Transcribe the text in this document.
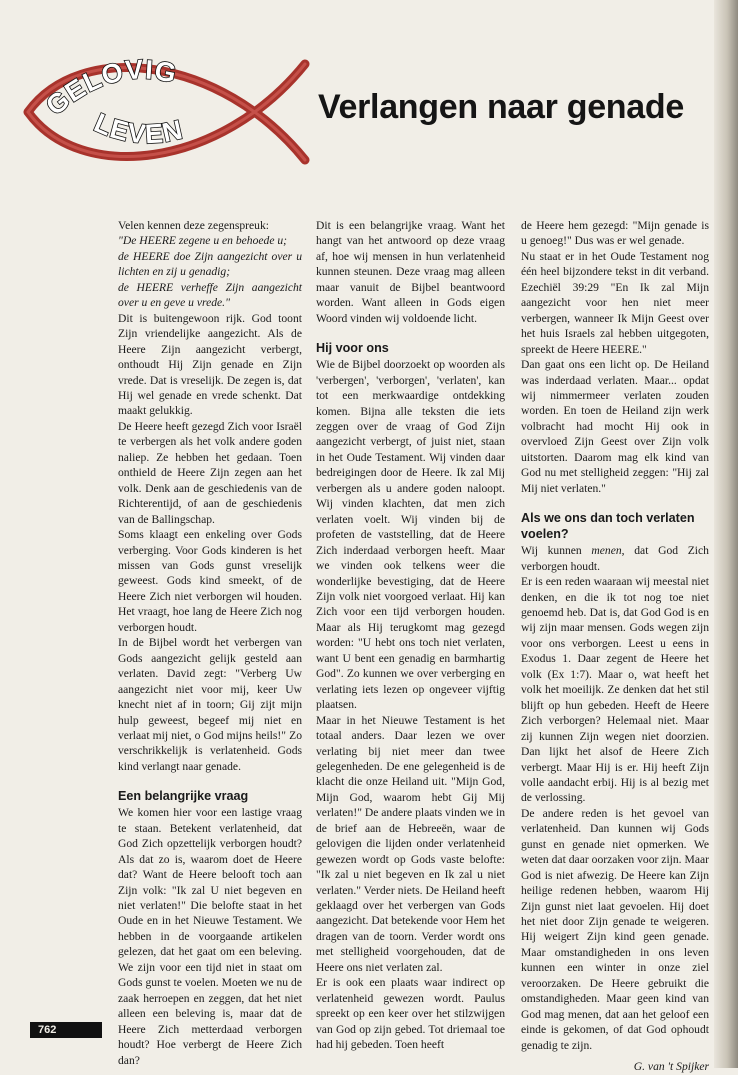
GELOVIG
LEVEN
Verlangen naar genade

Velen kennen deze zegenspreuk:

"De HEERE zegene u en behoede u;

de HEERE doe Zijn aangezicht over u lichten en zij u genadig;

de HEERE verheffe Zijn aangezicht over u en geve u vrede."

Dit is buitengewoon rijk. God toont Zijn vriendelijke aangezicht. Als de Heere Zijn aangezicht verbergt, onthoudt Hij Zijn genade en Zijn vrede. Dat is vreselijk. De zegen is, dat Hij wel genade en vrede schenkt. Dat maakt gelukkig.

De Heere heeft gezegd Zich voor Israël te verbergen als het volk andere goden naliep. Ze hebben het gedaan. Toen onthield de Heere Zijn zegen aan het volk. Denk aan de geschiedenis van de Richterentijd, of aan de geschiedenis van de Ballingschap.

Soms klaagt een enkeling over Gods verberging. Voor Gods kinderen is het missen van Gods gunst vreselijk geweest. Gods kind smeekt, of de Heere Zich niet verborgen wil houden. Het vraagt, hoe lang de Heere Zich nog verborgen houdt.

In de Bijbel wordt het verbergen van Gods aangezicht gelijk gesteld aan verlaten. David zegt: "Verberg Uw aangezicht niet voor mij, keer Uw knecht niet af in toorn; Gij zijt mijn hulp geweest, begeef mij niet en verlaat mij niet, o God mijns heils!" Zo verschrikkelijk is verlatenheid. Gods kind verlangt naar genade.

Een belangrijke vraag

We komen hier voor een lastige vraag te staan. Betekent verlatenheid, dat God Zich opzettelijk verborgen houdt? Als dat zo is, waarom doet de Heere dat? Want de Heere belooft toch aan Zijn volk: "Ik zal U niet begeven en niet verlaten!" Die belofte staat in het Oude en in het Nieuwe Testament. We hebben in de voorgaande artikelen gelezen, dat het gaat om een beleving. We zijn voor een tijd niet in staat om Gods gunst te voelen. Moeten we nu de zaak herroepen en zeggen, dat het niet alleen een beleving is, maar dat de Heere Zich metterdaad verborgen houdt? Hoe verbergt de Heere Zich dan?

Dit is een belangrijke vraag. Want het hangt van het antwoord op deze vraag af, hoe wij mensen in hun verlatenheid kunnen steunen. Deze vraag mag alleen maar vanuit de Bijbel beantwoord worden. Want alleen in Gods eigen Woord vinden wij voldoende licht.

Hij voor ons

Wie de Bijbel doorzoekt op woorden als 'verbergen', 'verborgen', 'verlaten', kan tot een merkwaardige ontdekking komen. Bijna alle teksten die iets zeggen over de vraag of God Zijn aangezicht verbergt, of juist niet, staan in het Oude Testament. Wij vinden daar bedreigingen door de Heere. Ik zal Mij verbergen als u andere goden naloopt. Wij vinden klachten, dat men zich verlaten voelt. Wij vinden bij de profeten de vaststelling, dat de Heere Zich inderdaad verborgen heeft. Maar we vinden ook telkens weer die wonderlijke bevestiging, dat de Heere Zijn volk niet voorgoed verlaat. Hij kan Zich voor een tijd verborgen houden. Maar als Hij terugkomt mag gezegd worden: "U hebt ons toch niet verlaten, want U bent een genadig en barmhartig God". Zo kunnen we over verberging en verlating iets lezen op ongeveer vijftig plaatsen.

Maar in het Nieuwe Testament is het totaal anders. Daar lezen we over verlating bij niet meer dan twee gelegenheden. De ene gelegenheid is de klacht die onze Heiland uit. "Mijn God, Mijn God, waarom hebt Gij Mij verlaten!" De andere plaats vinden we in de brief aan de Hebreeën, waar de gelovigen die lijden onder verlatenheid gewezen wordt op Gods vaste belofte: "Ik zal u niet begeven en Ik zal u niet verlaten." Verder niets. De Heiland heeft geklaagd over het verbergen van Gods aangezicht. Dat betekende voor Hem het dragen van de toorn. Verder wordt ons met stelligheid voorgehouden, dat de Heere ons niet verlaten zal.

Er is ook een plaats waar indirect op verlatenheid gewezen wordt. Paulus spreekt op een keer over het stilzwijgen van God op zijn gebed. Tot driemaal toe had hij gebeden. Toen heeft

de Heere hem gezegd: "Mijn genade is u genoeg!" Dus was er wel genade.

Nu staat er in het Oude Testament nog één heel bijzondere tekst in dit verband. Ezechiël 39:29 "En Ik zal Mijn aangezicht voor hen niet meer verbergen, wanneer Ik Mijn Geest over het huis Israels zal hebben uitgegoten, spreekt de Heere HEERE."

Dan gaat ons een licht op. De Heiland was inderdaad verlaten. Maar... opdat wij nimmermeer verlaten zouden worden. En toen de Heiland zijn werk volbracht had mocht Hij ook in overvloed Zijn Geest over Zijn volk uitstorten. Daarom mag elk kind van God nu met stelligheid zeggen: "Hij zal Mij niet verlaten."

Als we ons dan toch verlaten voelen?

Wij kunnen menen, dat God Zich verborgen houdt.

Er is een reden waaraan wij meestal niet denken, en die ik tot nog toe niet genoemd heb. Dat is, dat God God is en wij zijn maar mensen. Gods wegen zijn voor ons verborgen. Leest u eens in Exodus 1. Daar zegent de Heere het volk (Ex 1:7). Maar o, wat heeft het volk het moeilijk. Ze denken dat het stil blijft op hun gebeden. Heeft de Heere Zich verborgen? Helemaal niet. Maar zij kunnen Zijn wegen niet doorzien. Dan lijkt het alsof de Heere Zich verbergt. Maar Hij is er. Hij heeft Zijn volle aandacht erbij. Hij is al bezig met de verlossing.

De andere reden is het gevoel van verlatenheid. Dan kunnen wij Gods gunst en genade niet opmerken. We weten dat daar oorzaken voor zijn. Maar God is niet afwezig. De Heere kan Zijn heilige redenen hebben, waarom Hij Zijn gunst niet laat gevoelen. Hij doet het niet door Zijn genade te weigeren. Hij weigert Zijn kind geen genade. Maar omstandigheden in ons leven kunnen een winter in onze ziel veroorzaken. De Heere gebruikt die omstandigheden. Maar geen kind van God mag menen, dat aan het geloof een einde is gekomen, of dat God ophoudt genadig te zijn.

G. van 't Spijker

762
